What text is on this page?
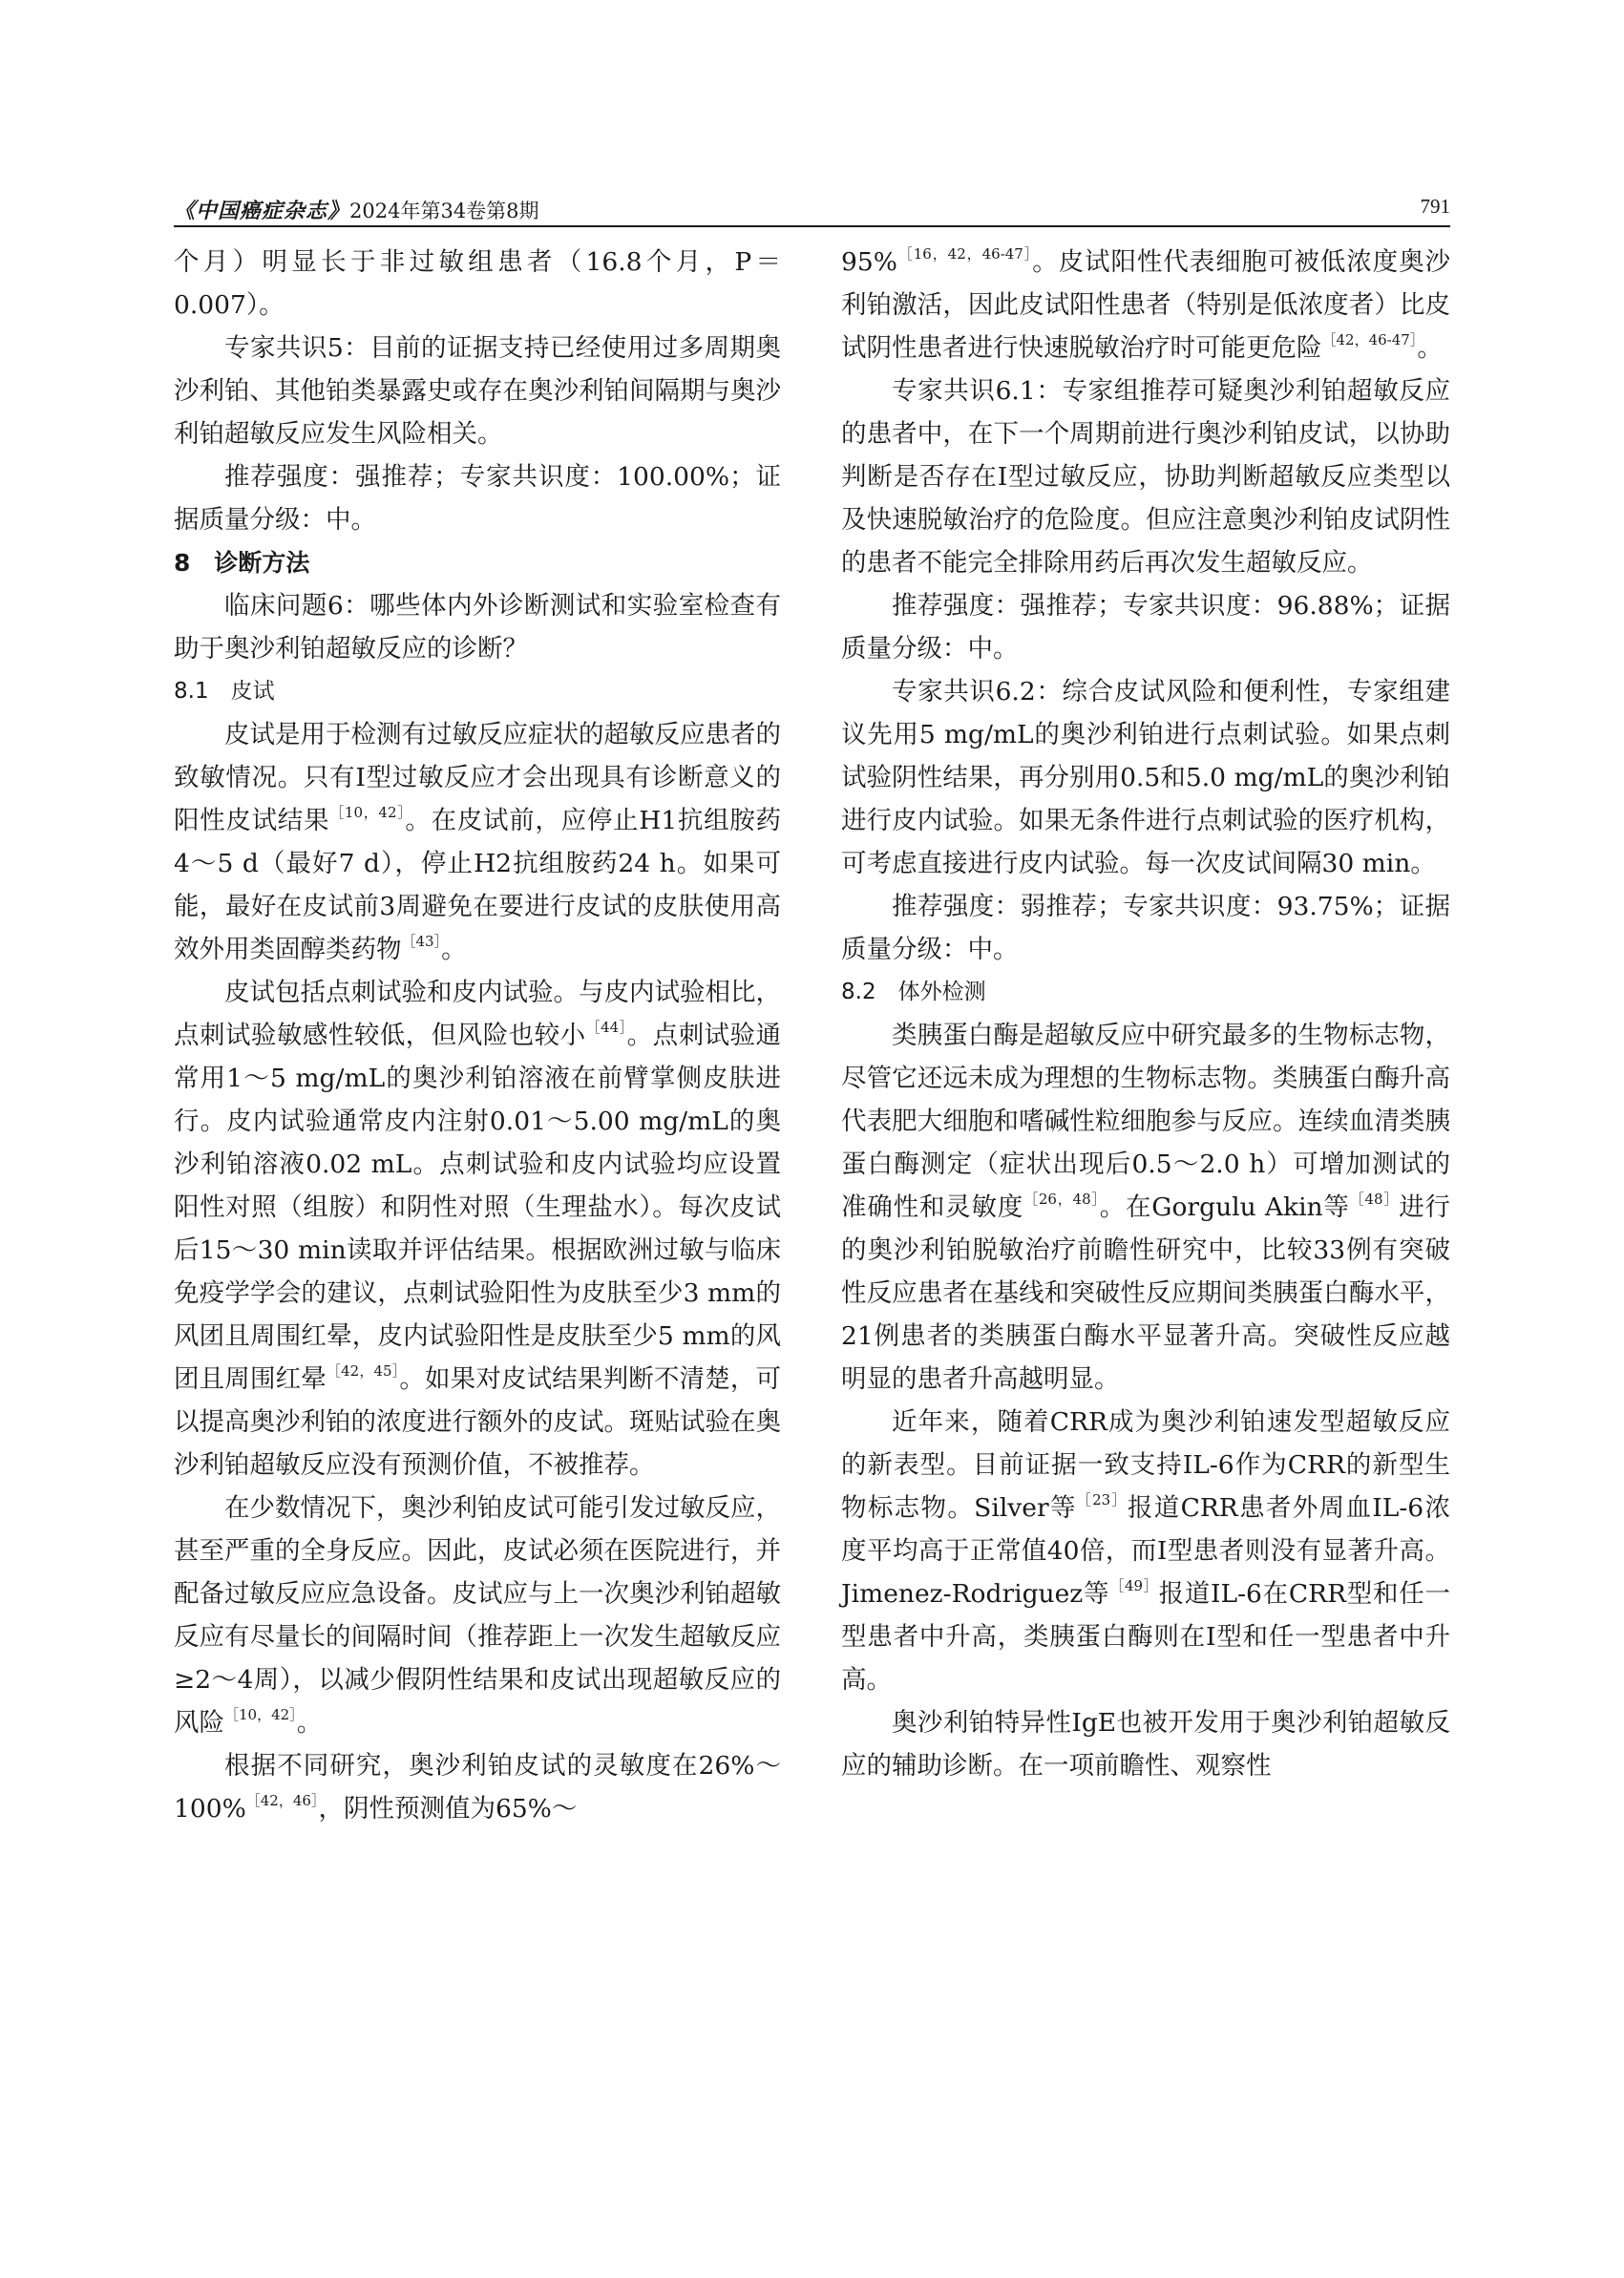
《中国癌症杂志》2024年第34卷第8期	791

个月）明显长于非过敏组患者（16.8个月，P＝0.007）。

专家共识5：目前的证据支持已经使用过多周期奥沙利铂、其他铂类暴露史或存在奥沙利铂间隔期与奥沙利铂超敏反应发生风险相关。

推荐强度：强推荐；专家共识度：100.00%；证据质量分级：中。

8　诊断方法

临床问题6：哪些体内外诊断测试和实验室检查有助于奥沙利铂超敏反应的诊断？

8.1　皮试

皮试是用于检测有过敏反应症状的超敏反应患者的致敏情况。只有Ⅰ型过敏反应才会出现具有诊断意义的阳性皮试结果$^{[10,42]}$。在皮试前，应停止H1抗组胺药4～5 d（最好7 d），停止H2抗组胺药24 h。如果可能，最好在皮试前3周避免在要进行皮试的皮肤使用高效外用类固醇类药物$^{[43]}$。

皮试包括点刺试验和皮内试验。与皮内试验相比，点刺试验敏感性较低，但风险也较小$^{[44]}$。点刺试验通常用1～5 mg/mL的奥沙利铂溶液在前臂掌侧皮肤进行。皮内试验通常皮内注射0.01～5.00 mg/mL的奥沙利铂溶液0.02 mL。点刺试验和皮内试验均应设置阳性对照（组胺）和阴性对照（生理盐水）。每次皮试后15～30 min读取并评估结果。根据欧洲过敏与临床免疫学学会的建议，点刺试验阳性为皮肤至少3 mm的风团且周围红晕，皮内试验阳性是皮肤至少5 mm的风团且周围红晕$^{[42,45]}$。如果对皮试结果判断不清楚，可以提高奥沙利铂的浓度进行额外的皮试。斑贴试验在奥沙利铂超敏反应没有预测价值，不被推荐。

在少数情况下，奥沙利铂皮试可能引发过敏反应，甚至严重的全身反应。因此，皮试必须在医院进行，并配备过敏反应应急设备。皮试应与上一次奥沙利铂超敏反应有尽量长的间隔时间（推荐距上一次发生超敏反应≥2～4周），以减少假阴性结果和皮试出现超敏反应的风险$^{[10,42]}$。

根据不同研究，奥沙利铂皮试的灵敏度在26%～100%$^{[42,46]}$，阴性预测值为65%～

95%$^{[16,42,46-47]}$。皮试阳性代表细胞可被低浓度奥沙利铂激活，因此皮试阳性患者（特别是低浓度者）比皮试阴性患者进行快速脱敏治疗时可能更危险$^{[42,46-47]}$。

专家共识6.1：专家组推荐可疑奥沙利铂超敏反应的患者中，在下一个周期前进行奥沙利铂皮试，以协助判断是否存在Ⅰ型过敏反应，协助判断超敏反应类型以及快速脱敏治疗的危险度。但应注意奥沙利铂皮试阴性的患者不能完全排除用药后再次发生超敏反应。

推荐强度：强推荐；专家共识度：96.88%；证据质量分级：中。

专家共识6.2：综合皮试风险和便利性，专家组建议先用5 mg/mL的奥沙利铂进行点刺试验。如果点刺试验阴性结果，再分别用0.5和5.0 mg/mL的奥沙利铂进行皮内试验。如果无条件进行点刺试验的医疗机构，可考虑直接进行皮内试验。每一次皮试间隔30 min。

推荐强度：弱推荐；专家共识度：93.75%；证据质量分级：中。

8.2　体外检测

类胰蛋白酶是超敏反应中研究最多的生物标志物，尽管它还远未成为理想的生物标志物。类胰蛋白酶升高代表肥大细胞和嗜碱性粒细胞参与反应。连续血清类胰蛋白酶测定（症状出现后0.5～2.0 h）可增加测试的准确性和灵敏度$^{[26,48]}$。在Gorgulu Akin等$^{[48]}$进行的奥沙利铂脱敏治疗前瞻性研究中，比较33例有突破性反应患者在基线和突破性反应期间类胰蛋白酶水平，21例患者的类胰蛋白酶水平显著升高。突破性反应越明显的患者升高越明显。

近年来，随着CRR成为奥沙利铂速发型超敏反应的新表型。目前证据一致支持IL-6作为CRR的新型生物标志物。Silver等$^{[23]}$报道CRR患者外周血IL-6浓度平均高于正常值40倍，而Ⅰ型患者则没有显著升高。Jimenez-Rodriguez等$^{[49]}$报道IL-6在CRR型和任一型患者中升高，类胰蛋白酶则在Ⅰ型和任一型患者中升高。

奥沙利铂特异性IgE也被开发用于奥沙利铂超敏反应的辅助诊断。在一项前瞻性、观察性
